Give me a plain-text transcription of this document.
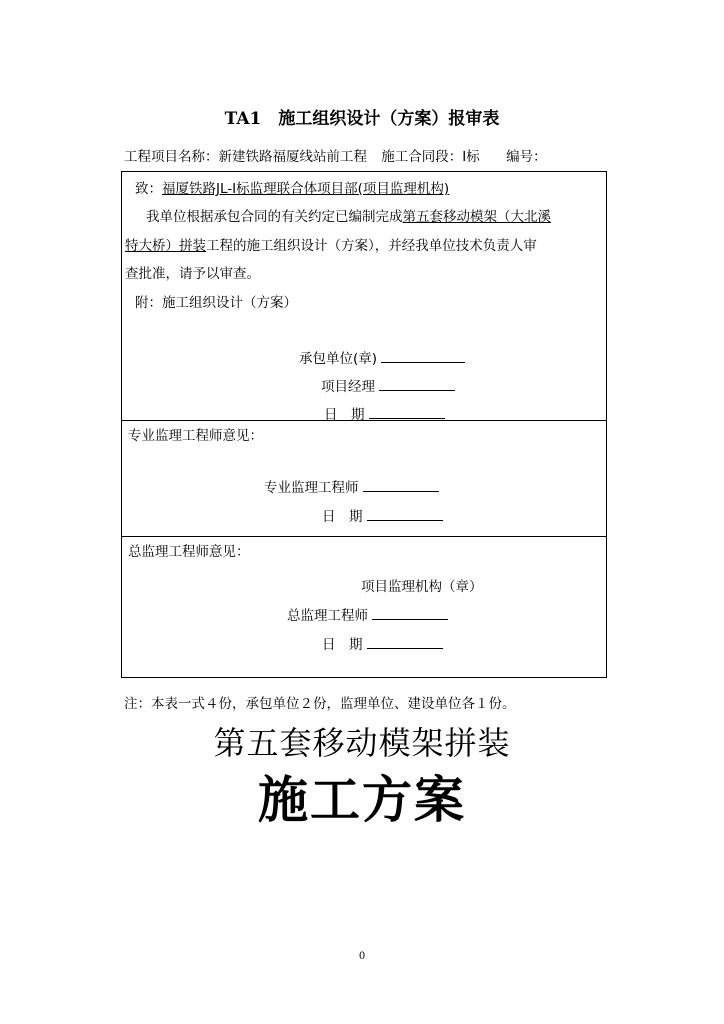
TA1　施工组织设计（方案）报审表
工程项目名称：新建铁路福厦线站前工程 施工合同段：Ⅰ标 编号：
致：福厦铁路JL-Ⅰ标监理联合体项目部(项目监理机构)
我单位根据承包合同的有关约定已编制完成第五套移动模架（大北溪
特大桥）拼装工程的施工组织设计（方案），并经我单位技术负责人审
查批准，请予以审查。
附：施工组织设计（方案）
承包单位(章)
项目经理
日　期
专业监理工程师意见：
专业监理工程师
日　期
总监理工程师意见：
项目监理机构（章）
总监理工程师
日　期
注：本表一式４份，承包单位２份，监理单位、建设单位各１份。
第五套移动模架拼装
施工方案
0
